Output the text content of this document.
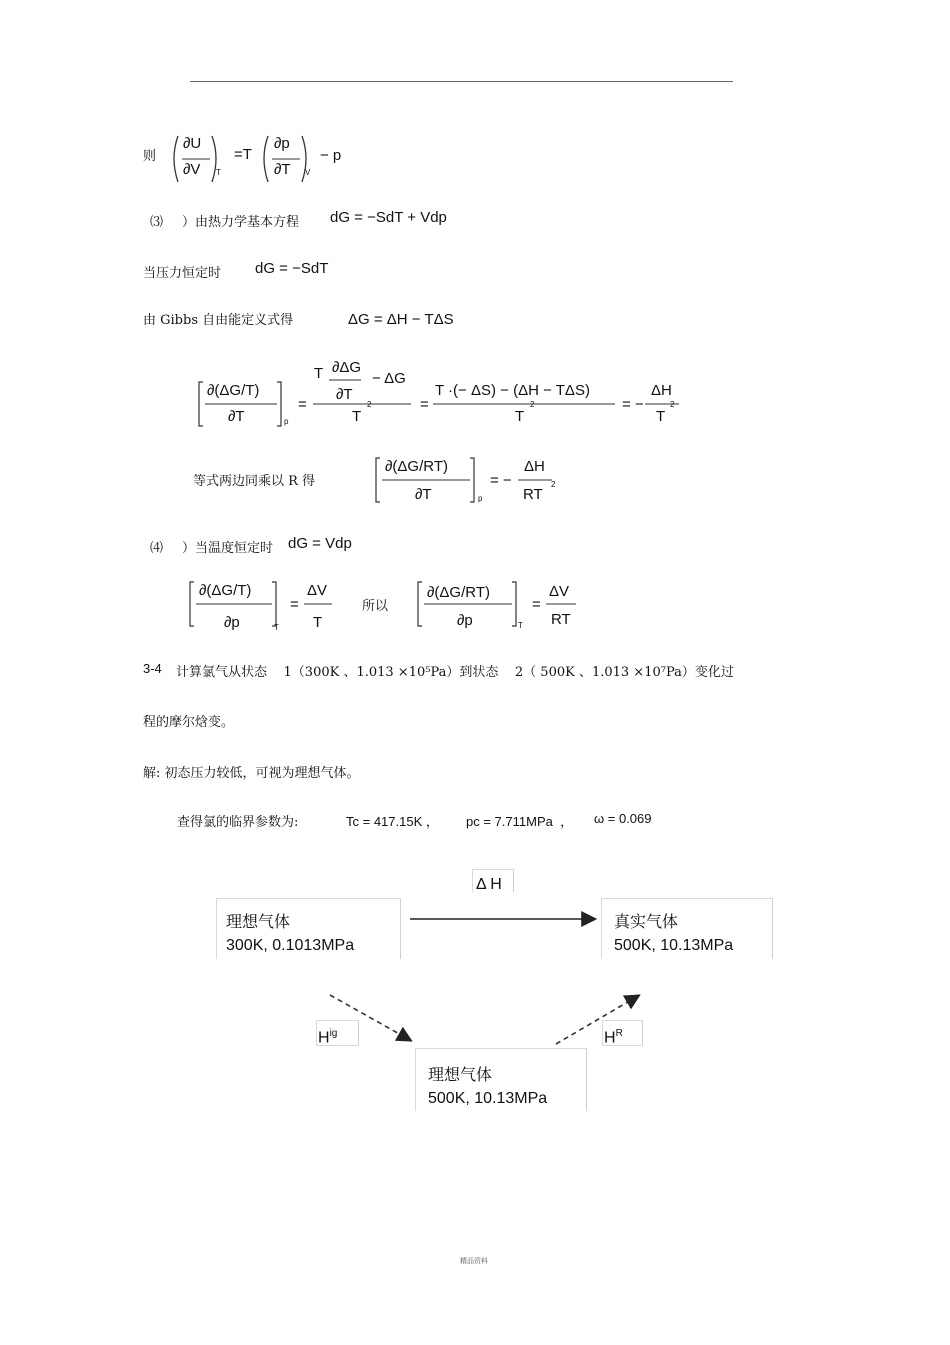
则
∂U
∂V T
=T
∂p
∂T V
− p
⑶ ）由热力学基本方程 dG = −SdT + Vdp
当压力恒定时 dG = −SdT
由 Gibbs 自由能定义式得	ΔG = ΔH − TΔS
∂(ΔG/T)
∂T	p
=
T ∂ΔG
∂T
− ΔG
T
2	=
T ·(− ΔS) − (ΔH − TΔS)
T
2	= −
ΔH
T
2
等式两边同乘以 R 得
∂(ΔG/RT)
∂T	p
= −
ΔH
RT
2
⑷ ）当温度恒定时 dG = Vdp
∂(ΔG/T)
∂p	T
=
ΔV
T
所以
∂(ΔG/RT)
∂p	T
=
ΔV
RT
3-4 计算氯气从状态    1（300K 、1.013 ×10⁵Pa）到状态    2（ 500K 、1.013 ×10⁷Pa）变化过
程的摩尔焓变。
解: 初态压力较低，可视为理想气体。
查得氯的临界参数为:	Tc = 417.15K ， pc = 7.711MPa  ， ω = 0.069
Δ H
理想气体
300K, 0.1013MPa
真实气体
500K, 10.13MPa
理想气体
500K, 10.13MPa
$H^{ig}$	$H^R$
精品资料
